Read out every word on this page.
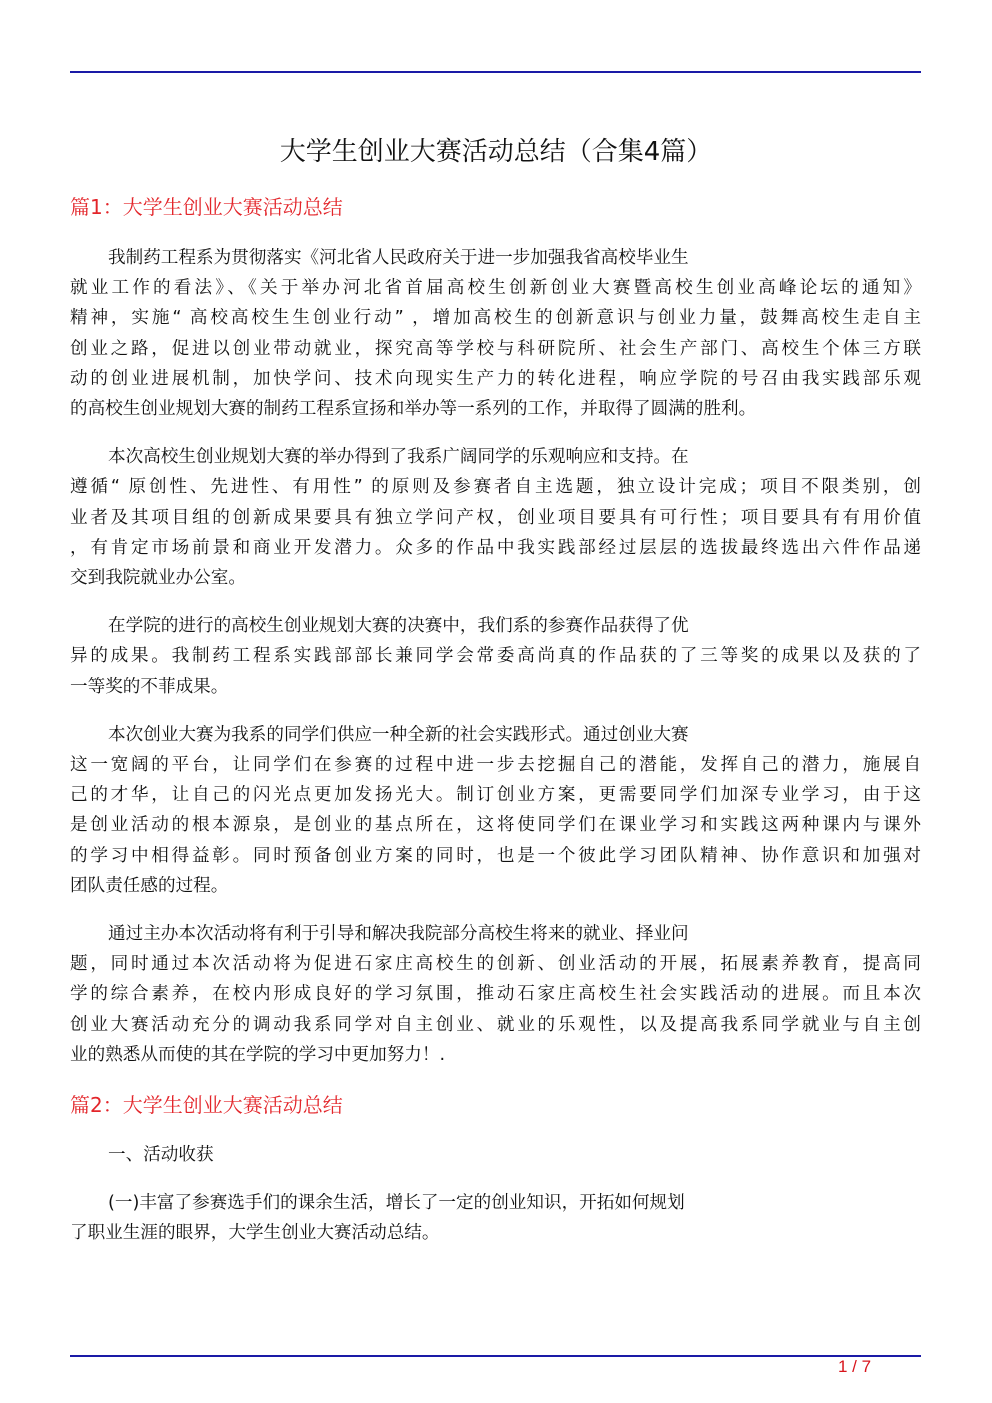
大学生创业大赛活动总结（合集4篇）
篇1：大学生创业大赛活动总结
我制药工程系为贯彻落实《河北省人民政府关于进一步加强我省高校毕业生
就业工作的看法》、《关于举办河北省首届高校生创新创业大赛暨高校生创业高峰论坛的通知》
精神，实施“ 高校高校生生创业行动” ，增加高校生的创新意识与创业力量，鼓舞高校生走自主
创业之路，促进以创业带动就业，探究高等学校与科研院所、社会生产部门、高校生个体三方联
动的创业进展机制，加快学问、技术向现实生产力的转化进程，响应学院的号召由我实践部乐观
的高校生创业规划大赛的制药工程系宣扬和举办等一系列的工作，并取得了圆满的胜利。
本次高校生创业规划大赛的举办得到了我系广阔同学的乐观响应和支持。在
遵循“ 原创性、先进性、有用性” 的原则及参赛者自主选题，独立设计完成；项目不限类别，创
业者及其项目组的创新成果要具有独立学问产权，创业项目要具有可行性；项目要具有有用价值
，有肯定市场前景和商业开发潜力。众多的作品中我实践部经过层层的选拔最终选出六件作品递
交到我院就业办公室。
在学院的进行的高校生创业规划大赛的决赛中，我们系的参赛作品获得了优
异的成果。我制药工程系实践部部长兼同学会常委高尚真的作品获的了三等奖的成果以及获的了
一等奖的不菲成果。
本次创业大赛为我系的同学们供应一种全新的社会实践形式。通过创业大赛
这一宽阔的平台，让同学们在参赛的过程中进一步去挖掘自己的潜能，发挥自己的潜力，施展自
己的才华，让自己的闪光点更加发扬光大。制订创业方案，更需要同学们加深专业学习，由于这
是创业活动的根本源泉，是创业的基点所在，这将使同学们在课业学习和实践这两种课内与课外
的学习中相得益彰。同时预备创业方案的同时，也是一个彼此学习团队精神、协作意识和加强对
团队责任感的过程。
通过主办本次活动将有利于引导和解决我院部分高校生将来的就业、择业问
题，同时通过本次活动将为促进石家庄高校生的创新、创业活动的开展，拓展素养教育，提高同
学的综合素养，在校内形成良好的学习氛围，推动石家庄高校生社会实践活动的进展。而且本次
创业大赛活动充分的调动我系同学对自主创业、就业的乐观性，以及提高我系同学就业与自主创
业的熟悉从而使的其在学院的学习中更加努力！.
篇2：大学生创业大赛活动总结
一、活动收获
(一)丰富了参赛选手们的课余生活，增长了一定的创业知识，开拓如何规划
了职业生涯的眼界，大学生创业大赛活动总结。
1 / 7
